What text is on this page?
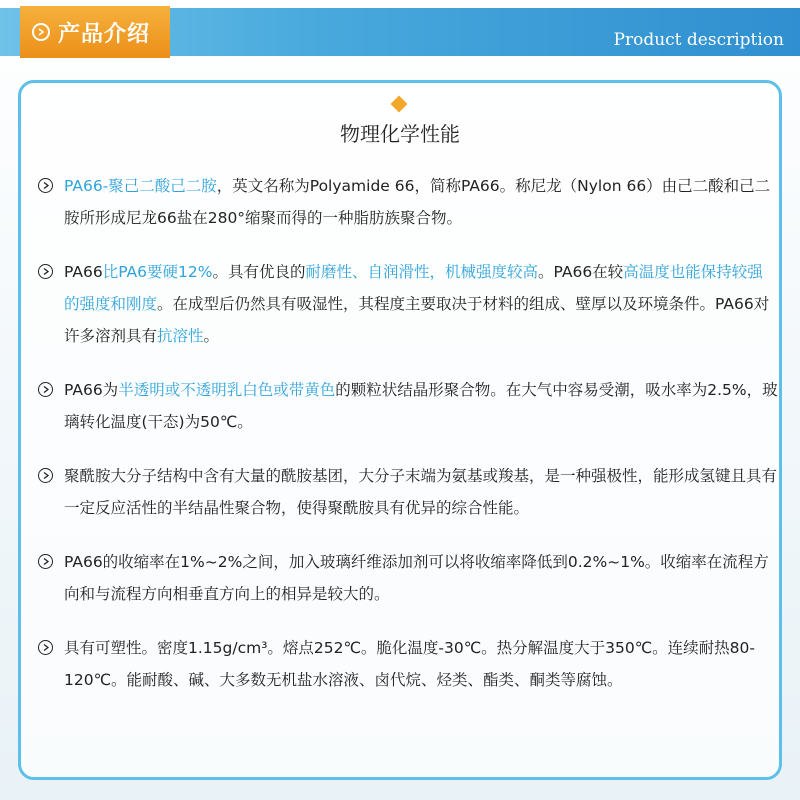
Product description
产品介绍
物理化学性能
PA66-聚己二酸己二胺，英文名称为Polyamide 66，简称PA66。称尼龙（Nylon 66）由己二酸和己二胺所形成尼龙66盐在280°缩聚而得的一种脂肪族聚合物。
PA66比PA6要硬12%。具有优良的耐磨性、自润滑性，机械强度较高。PA66在较高温度也能保持较强的强度和刚度。在成型后仍然具有吸湿性，其程度主要取决于材料的组成、壁厚以及环境条件。PA66对许多溶剂具有抗溶性。
PA66为半透明或不透明乳白色或带黄色的颗粒状结晶形聚合物。在大气中容易受潮，吸水率为2.5%，玻璃转化温度(干态)为50℃。
聚酰胺大分子结构中含有大量的酰胺基团，大分子末端为氨基或羧基，是一种强极性，能形成氢键且具有一定反应活性的半结晶性聚合物，使得聚酰胺具有优异的综合性能。
PA66的收缩率在1%~2%之间，加入玻璃纤维添加剂可以将收缩率降低到0.2%~1%。收缩率在流程方向和与流程方向相垂直方向上的相异是较大的。
具有可塑性。密度1.15g/cm³。熔点252℃。脆化温度-30℃。热分解温度大于350℃。连续耐热80-120℃。能耐酸、碱、大多数无机盐水溶液、卤代烷、烃类、酯类、酮类等腐蚀。
